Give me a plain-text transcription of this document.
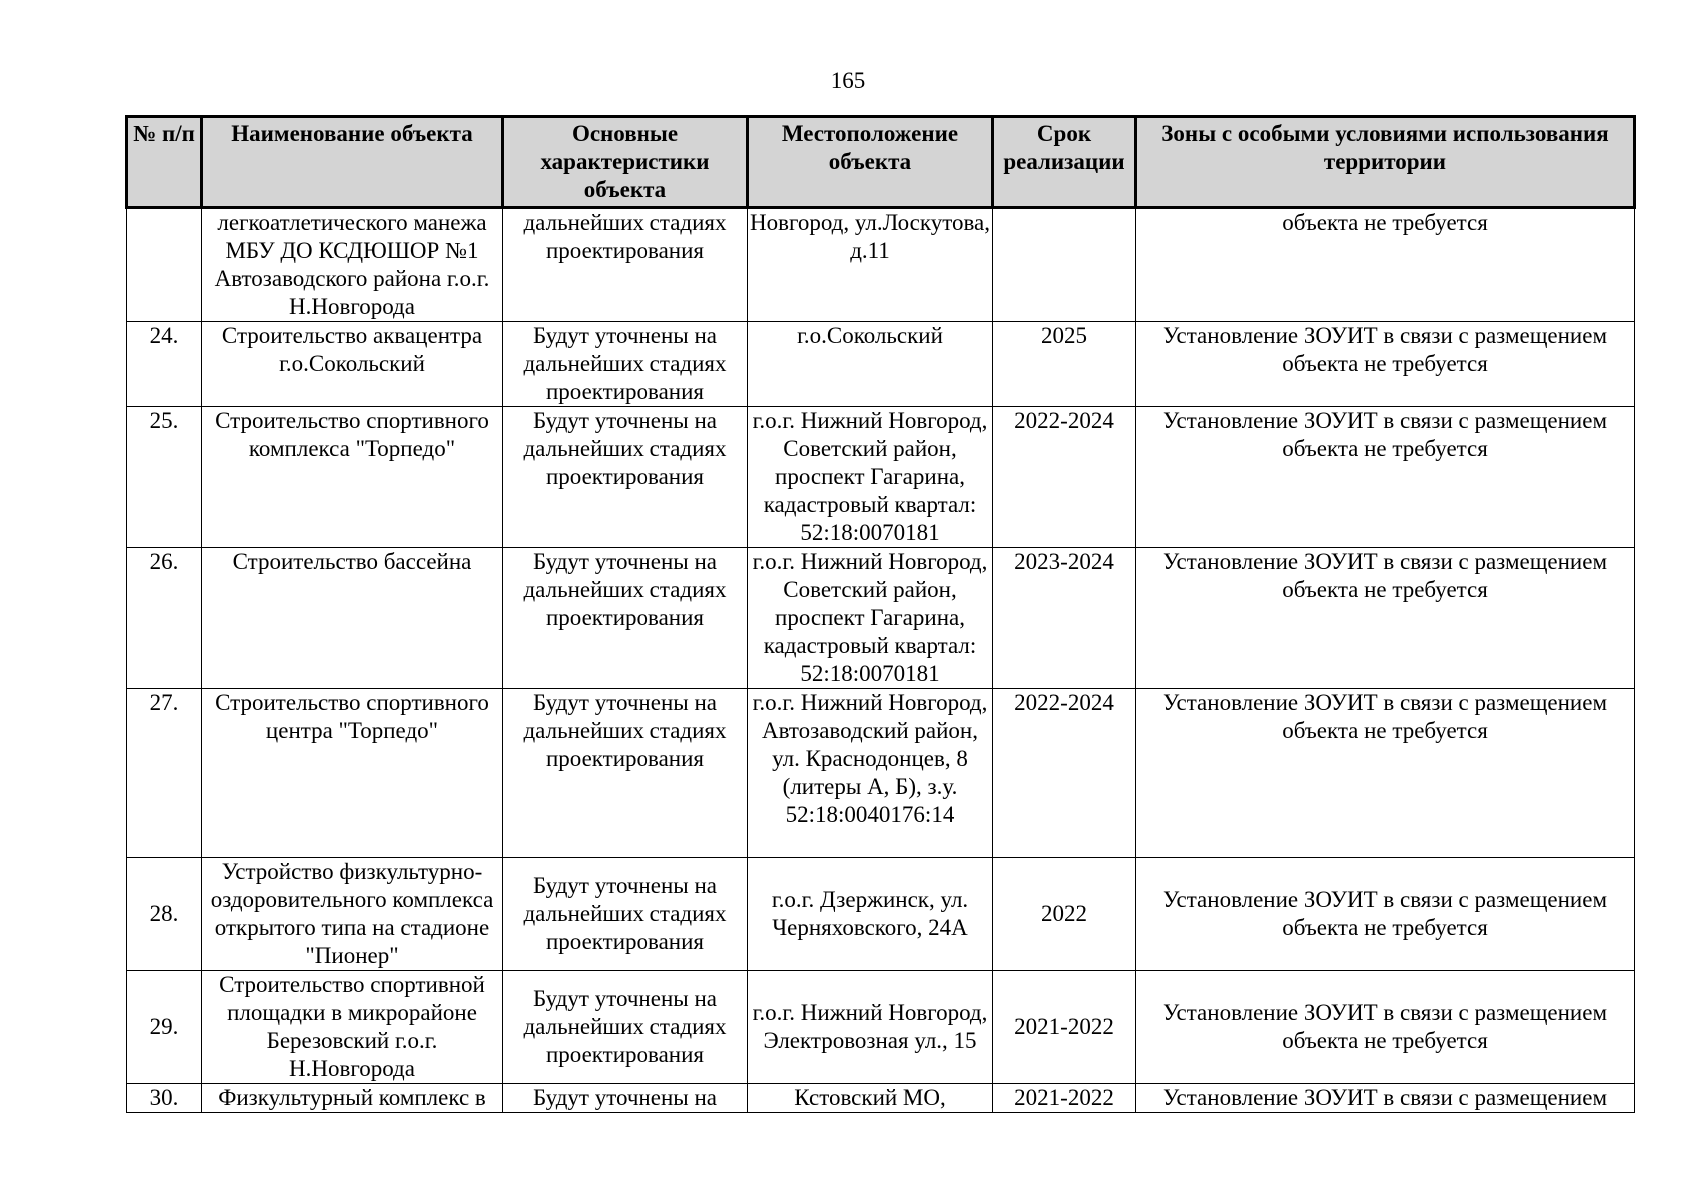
165
№ п/п	Наименование объекта	Основные характеристики объекта	Местоположение объекта	Срок реализации	Зоны с особыми условиями использования территории
	легкоатлетического манежа МБУ ДО КСДЮШОР №1 Автозаводского района г.о.г. Н.Новгорода	дальнейших стадиях проектирования	Новгород, ул.Лоскутова, д.11		объекта не требуется
24.	Строительство аквацентра г.о.Сокольский	Будут уточнены на дальнейших стадиях проектирования	г.о.Сокольский	2025	Установление ЗОУИТ в связи с размещением объекта не требуется
25.	Строительство спортивного комплекса "Торпедо"	Будут уточнены на дальнейших стадиях проектирования	г.о.г. Нижний Новгород, Советский район, проспект Гагарина, кадастровый квартал: 52:18:0070181	2022-2024	Установление ЗОУИТ в связи с размещением объекта не требуется
26.	Строительство бассейна	Будут уточнены на дальнейших стадиях проектирования	г.о.г. Нижний Новгород, Советский район, проспект Гагарина, кадастровый квартал: 52:18:0070181	2023-2024	Установление ЗОУИТ в связи с размещением объекта не требуется
27.	Строительство спортивного центра "Торпедо"	Будут уточнены на дальнейших стадиях проектирования	г.о.г. Нижний Новгород, Автозаводский район, ул. Краснодонцев, 8 (литеры А, Б), з.у. 52:18:0040176:14	2022-2024	Установление ЗОУИТ в связи с размещением объекта не требуется
28.	Устройство физкультурно-оздоровительного комплекса открытого типа на стадионе "Пионер"	Будут уточнены на дальнейших стадиях проектирования	г.о.г. Дзержинск, ул. Черняховского, 24А	2022	Установление ЗОУИТ в связи с размещением объекта не требуется
29.	Строительство спортивной площадки в микрорайоне Березовский г.о.г. Н.Новгорода	Будут уточнены на дальнейших стадиях проектирования	г.о.г. Нижний Новгород, Электровозная ул., 15	2021-2022	Установление ЗОУИТ в связи с размещением объекта не требуется
30.	Физкультурный комплекс в	Будут уточнены на	Кстовский МО,	2021-2022	Установление ЗОУИТ в связи с размещением
